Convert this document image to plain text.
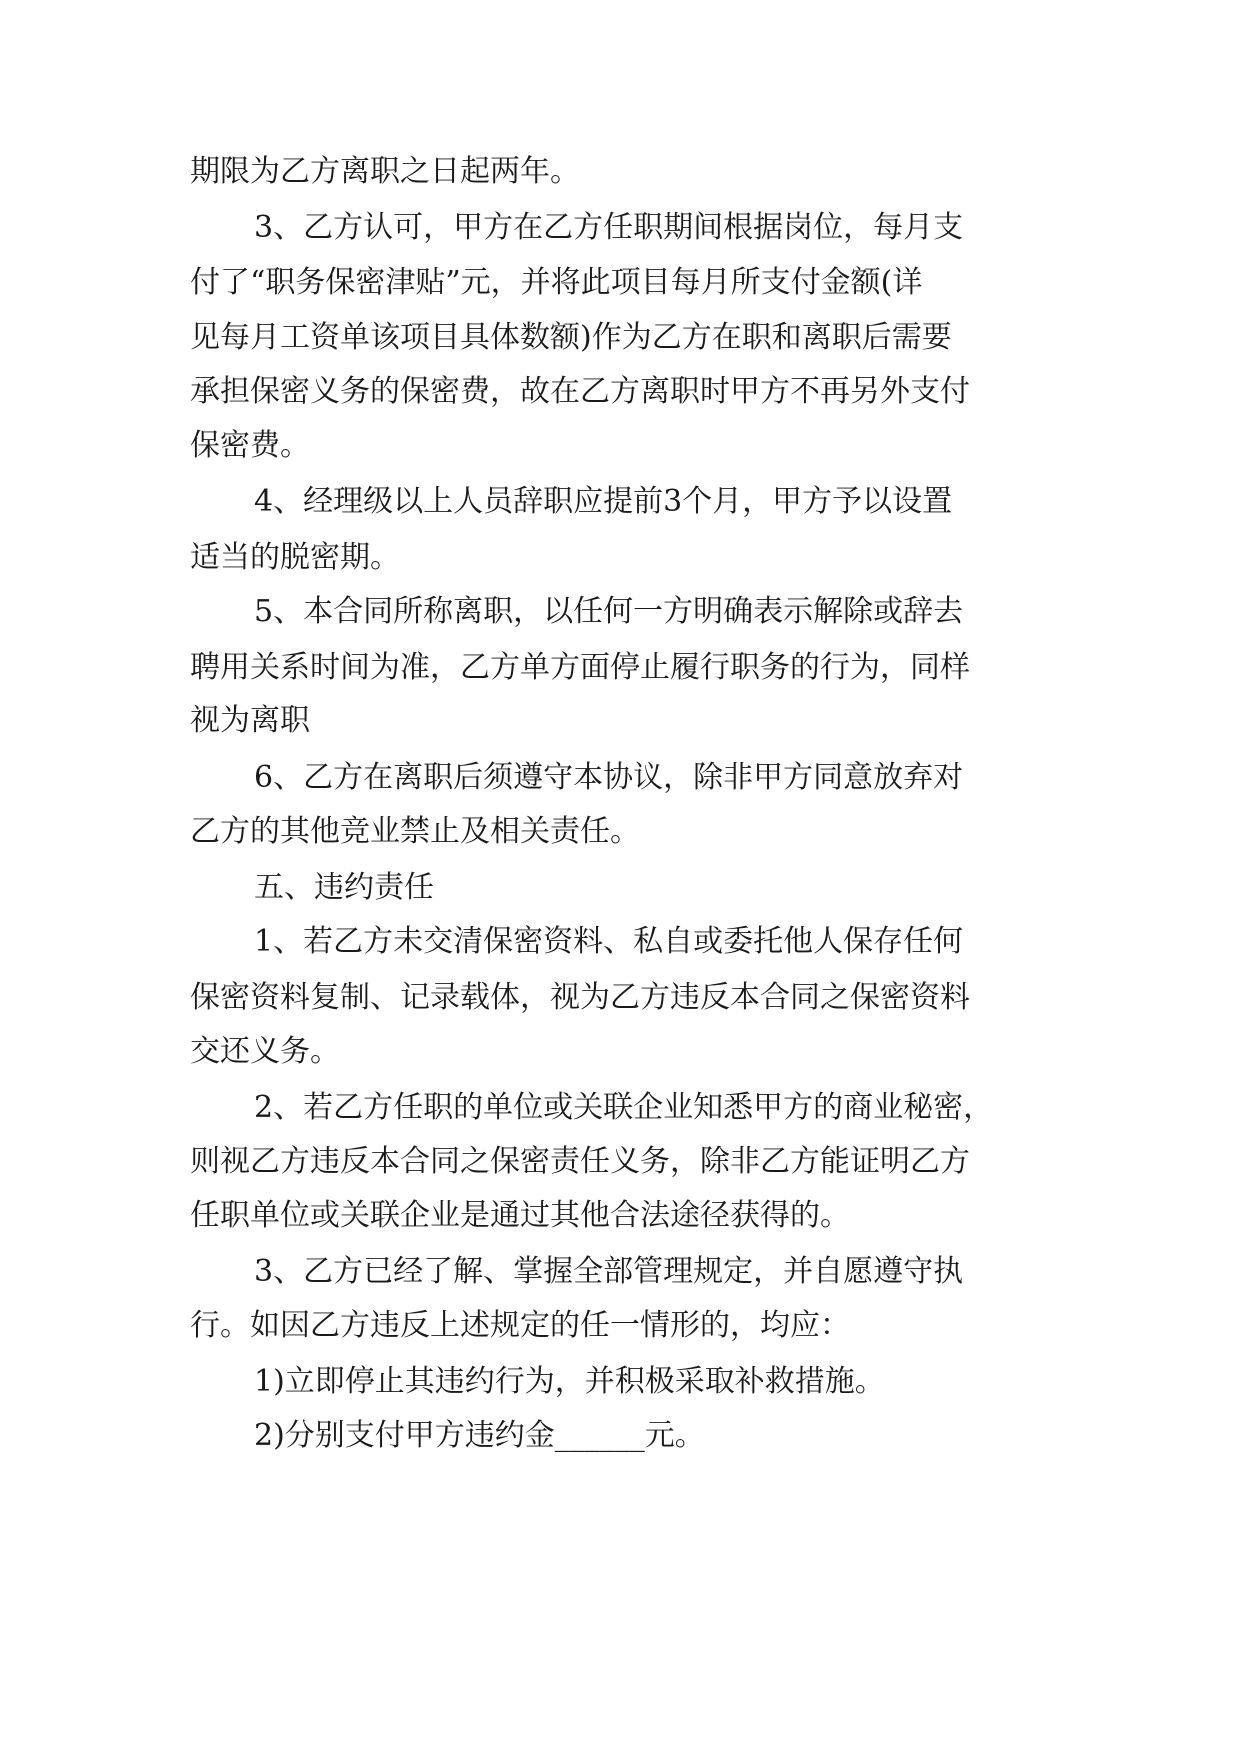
期限为乙方离职之日起两年。
3、乙方认可，甲方在乙方任职期间根据岗位，每月支
付了“职务保密津贴”元，并将此项目每月所支付金额(详
见每月工资单该项目具体数额)作为乙方在职和离职后需要
承担保密义务的保密费，故在乙方离职时甲方不再另外支付
保密费。
4、经理级以上人员辞职应提前3个月，甲方予以设置
适当的脱密期。
5、本合同所称离职，以任何一方明确表示解除或辞去
聘用关系时间为准，乙方单方面停止履行职务的行为，同样
视为离职
6、乙方在离职后须遵守本协议，除非甲方同意放弃对
乙方的其他竞业禁止及相关责任。
五、违约责任
1、若乙方未交清保密资料、私自或委托他人保存任何
保密资料复制、记录载体，视为乙方违反本合同之保密资料
交还义务。
2、若乙方任职的单位或关联企业知悉甲方的商业秘密，
则视乙方违反本合同之保密责任义务，除非乙方能证明乙方
任职单位或关联企业是通过其他合法途径获得的。
3、乙方已经了解、掌握全部管理规定，并自愿遵守执
行。如因乙方违反上述规定的任一情形的，均应：
1)立即停止其违约行为，并积极采取补救措施。
2)分别支付甲方违约金______元。
